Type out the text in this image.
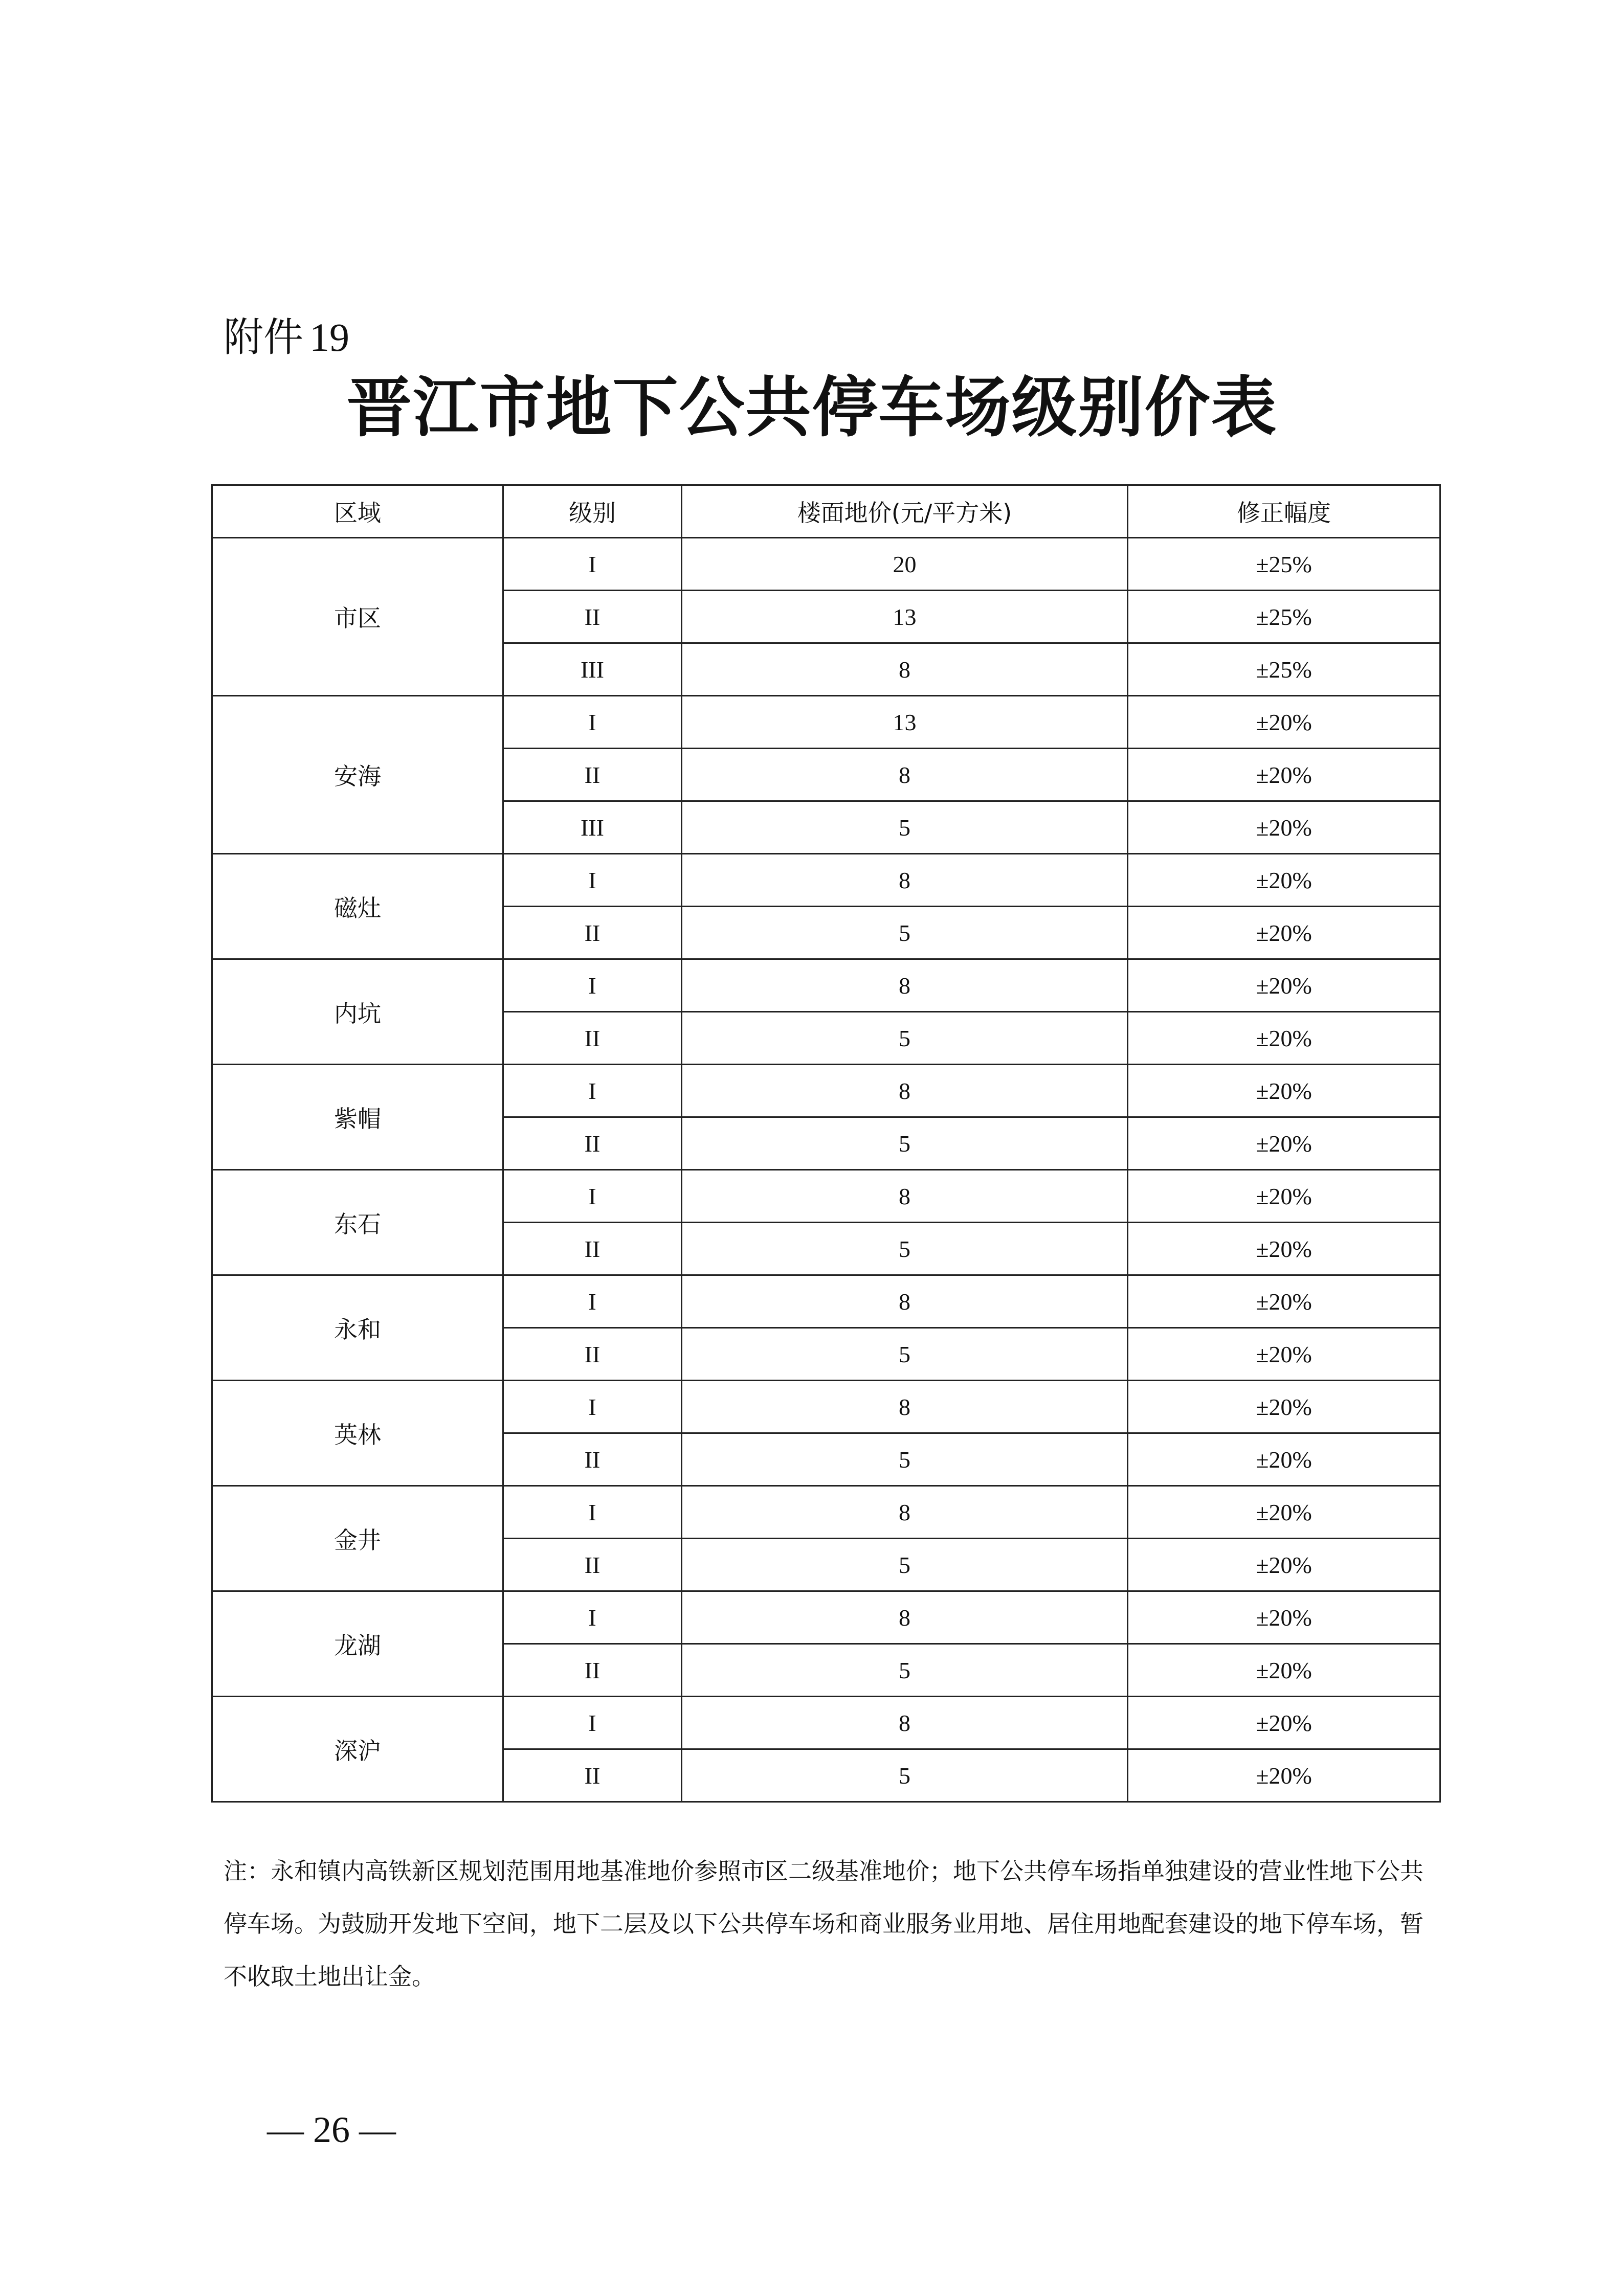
附件 19
晋江市地下公共停车场级别价表
区域	级别	楼面地价(元/平方米)	修正幅度
市区	I	20	±25%
	II	13	±25%
	III	8	±25%
安海	I	13	±20%
	II	8	±20%
	III	5	±20%
磁灶	I	8	±20%
	II	5	±20%
内坑	I	8	±20%
	II	5	±20%
紫帽	I	8	±20%
	II	5	±20%
东石	I	8	±20%
	II	5	±20%
永和	I	8	±20%
	II	5	±20%
英林	I	8	±20%
	II	5	±20%
金井	I	8	±20%
	II	5	±20%
龙湖	I	8	±20%
	II	5	±20%
深沪	I	8	±20%
	II	5	±20%
注：永和镇内高铁新区规划范围用地基准地价参照市区二级基准地价；地下公共停车场指单独建设的营业性地下公共停车场。为鼓励开发地下空间，地下二层及以下公共停车场和商业服务业用地、居住用地配套建设的地下停车场，暂不收取土地出让金。
— 26 —
